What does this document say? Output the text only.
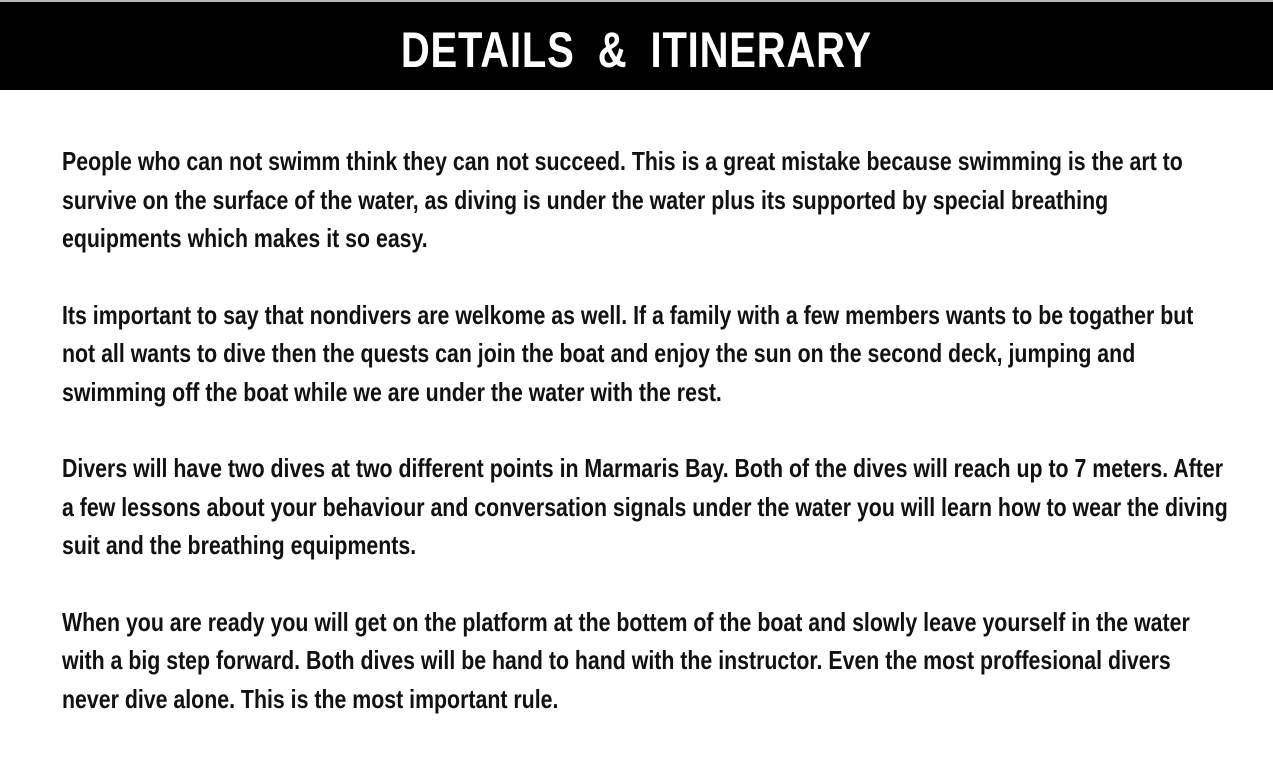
DETAILS & ITINERARY

People who can not swimm think they can not succeed. This is a great mistake because swimming is the art to survive on the surface of the water, as diving is under the water plus its supported by special breathing equipments which makes it so easy.

Its important to say that nondivers are welkome as well. If a family with a few members wants to be togather but not all wants to dive then the quests can join the boat and enjoy the sun on the second deck, jumping and swimming off the boat while we are under the water with the rest.

Divers will have two dives at two different points in Marmaris Bay. Both of the dives will reach up to 7 meters. After a few lessons about your behaviour and conversation signals under the water you will learn how to wear the diving suit and the breathing equipments.

When you are ready you will get on the platform at the bottem of the boat and slowly leave yourself in the water with a big step forward. Both dives will be hand to hand with the instructor. Even the most proffesional divers never dive alone. This is the most important rule.
